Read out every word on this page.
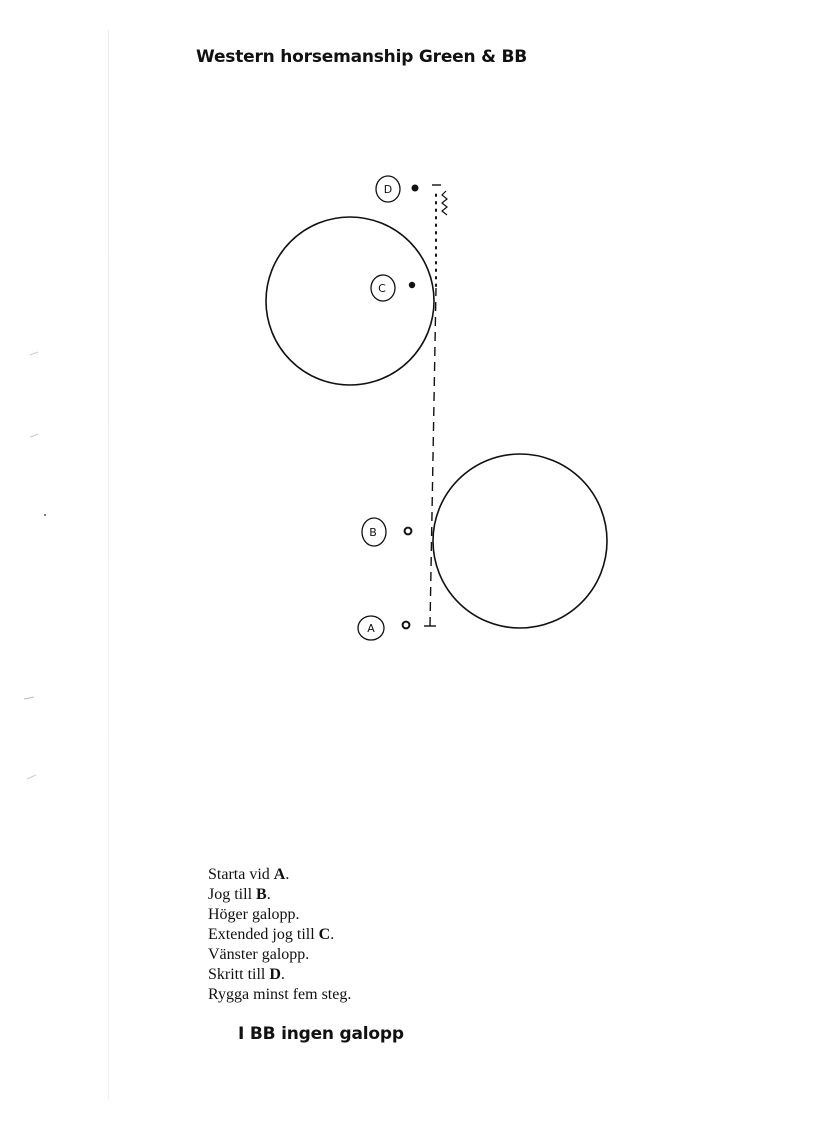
Western horsemanship Green & BB
D
C
B
A
Starta vid A.
Jog till B.
Höger galopp.
Extended jog till C.
Vänster galopp.
Skritt till D.
Rygga minst fem steg.
I BB ingen galopp
